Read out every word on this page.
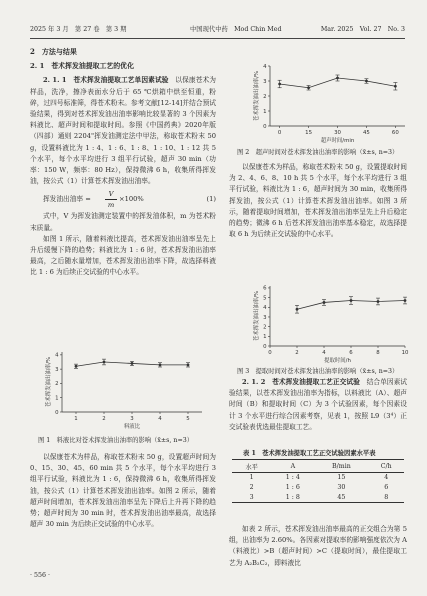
2025 年 3 月　第 27 卷　第 3 期	中国现代中药　Mod Chin Med	Mar. 2025　Vol. 27　No. 3
2　方法与结果
2. 1　苍术挥发油提取工艺的优化

2. 1. 1　苍术挥发油提取工艺单因素试验　 以保康苍术为样品，洗净，擦净表面水分后于 65 ℃烘箱中烘至恒重，粉碎，过四号标准筛，得苍术粉末。参考文献[12-14]并结合预试验结果，得到对苍术挥发油出油率影响比较显著的 3 个因素为料液比、超声时间和提取时间。参照《中国药典》2020年版（四部）通则 2204"挥发油测定法中甲法，称取苍术粉末 50 g，设置料液比为 1 : 4、1 : 6、1 : 8、1 : 10、1 : 12 共 5 个水平，每个水平均进行 3 组平行试验，超声 30 min（功率：150 W，频率：80 Hz），保持微沸 6 h，收集所得挥发油，按公式（1）计算苍术挥发油出油率。

挥发油出油率 =
V
m
×100%	(1)

式中，V 为挥发油测定装置中的挥发油体积，m 为苍术粉末质量。

如图 1 所示，随着料液比提高，苍术挥发油出油率呈先上升后缓慢下降的趋势；料液比为 1 : 6 时，苍术挥发油出油率最高，之后随水量增加，苍术挥发油出油率下降，故选择料液比 1 : 6 为后续正交试验的中心水平。

0
1
2
3
4
1	2	3	4	5
料液比
苍术挥发油出油率/%
图 1　料液比对苍术挥发油出油率的影响（x̄±s, n=3）

以保康苍术为样品，称取苍术粉末 50 g，设置超声时间为 0、15、30、45、60 min 共 5 个水平，每个水平均进行 3 组平行试验，料液比为 1 : 6，保持微沸 6 h，收集所得挥发油，按公式（1）计算苍术挥发油出油率。如图 2 所示，随着超声时间增加，苍术挥发油出油率呈先下降后上升再下降的趋势；超声时间为 30 min 时，苍术挥发油出油率最高，故选择超声 30 min 为后续正交试验的中心水平。

0
1
2
3
4
0	15	30	45	60
超声时间/min
苍术挥发油出油率/%
图 2　超声时间对苍术挥发油出油率的影响（x̄±s, n=3）

以保康苍术为样品，称取苍术粉末 50 g，设置提取时间为 2、4、6、8、10 h 共 5 个水平，每个水平均进行 3 组平行试验，料液比为 1 : 6，超声时间为 30 min，收集所得挥发油，按公式（1）计算苍术挥发油出油率。如图 3 所示，随着提取时间增加，苍术挥发油出油率呈先上升后稳定的趋势；微沸 6 h 后苍术挥发油出油率基本稳定，故选择提取 6 h 为后续正交试验的中心水平。

0
1
2
3
4
5
6
0	2	4	6	8	10
提取时间/h
苍术挥发油出油率/%
图 3　提取时间对苍术挥发油出油率的影响（x̄±s, n=3）

2. 1. 2　苍术挥发油提取工艺正交试验　 结合单因素试验结果，以苍术挥发油出油率为指标，以料液比（A）、超声时间（B）和提取时间（C）为 3 个试验因素，每个因素设计 3 个水平进行综合因素考察，见表 1，按照 L9（3⁴）正交试验表优选最佳提取工艺。

表 1　苍术挥发油提取工艺正交试验因素水平表
水平	A	B/min	C/h
1	1 : 4	15	4
2	1 : 6	30	6
3	1 : 8	45	8

如表 2 所示，苍术挥发油出油率最高的正交组合为第 5 组，出油率为 2.60%。各因素对提取率的影响强度依次为 A（料液比）>B（超声时间）>C（提取时间），最佳提取工艺为 A₂B₂C₂，即料液比

· 556 ·
